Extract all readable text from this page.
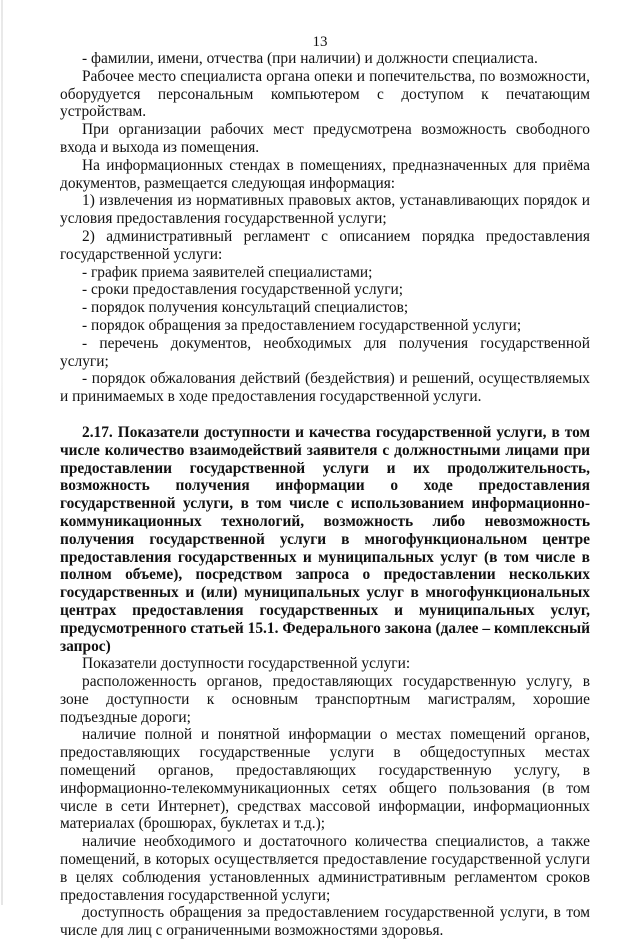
13

- фамилии, имени, отчества (при наличии) и должности специалиста.

Рабочее место специалиста органа опеки и попечительства, по возможности, оборудуется персональным компьютером с доступом к печатающим устройствам.

При организации рабочих мест предусмотрена возможность свободного входа и выхода из помещения.

На информационных стендах в помещениях, предназначенных для приёма документов, размещается следующая информация:

1) извлечения из нормативных правовых актов, устанавливающих порядок и условия предоставления государственной услуги;

2) административный регламент с описанием порядка предоставления государственной услуги:

- график приема заявителей специалистами;

- сроки предоставления государственной услуги;

- порядок получения консультаций специалистов;

- порядок обращения за предоставлением государственной услуги;

- перечень документов, необходимых для получения государственной услуги;

- порядок обжалования действий (бездействия) и решений, осуществляемых и принимаемых в ходе предоставления государственной услуги.

2.17. Показатели доступности и качества государственной услуги, в том числе количество взаимодействий заявителя с должностными лицами при предоставлении государственной услуги и их продолжительность, возможность получения информации о ходе предоставления государственной услуги, в том числе с использованием информационно-коммуникационных технологий, возможность либо невозможность получения государственной услуги в многофункциональном центре предоставления государственных и муниципальных услуг (в том числе в полном объеме), посредством запроса о предоставлении нескольких государственных и (или) муниципальных услуг в многофункциональных центрах предоставления государственных и муниципальных услуг, предусмотренного статьей 15.1. Федерального закона (далее – комплексный запрос)

Показатели доступности государственной услуги:

расположенность органов, предоставляющих государственную услугу, в зоне доступности к основным транспортным магистралям, хорошие подъездные дороги;

наличие полной и понятной информации о местах помещений органов, предоставляющих государственные услуги в общедоступных местах помещений органов, предоставляющих государственную услугу, в информационно-телекоммуникационных сетях общего пользования (в том числе в сети Интернет), средствах массовой информации, информационных материалах (брошюрах, буклетах и т.д.);

наличие необходимого и достаточного количества специалистов, а также помещений, в которых осуществляется предоставление государственной услуги в целях соблюдения установленных административным регламентом сроков предоставления государственной услуги;

доступность обращения за предоставлением государственной услуги, в том числе для лиц с ограниченными возможностями здоровья.
